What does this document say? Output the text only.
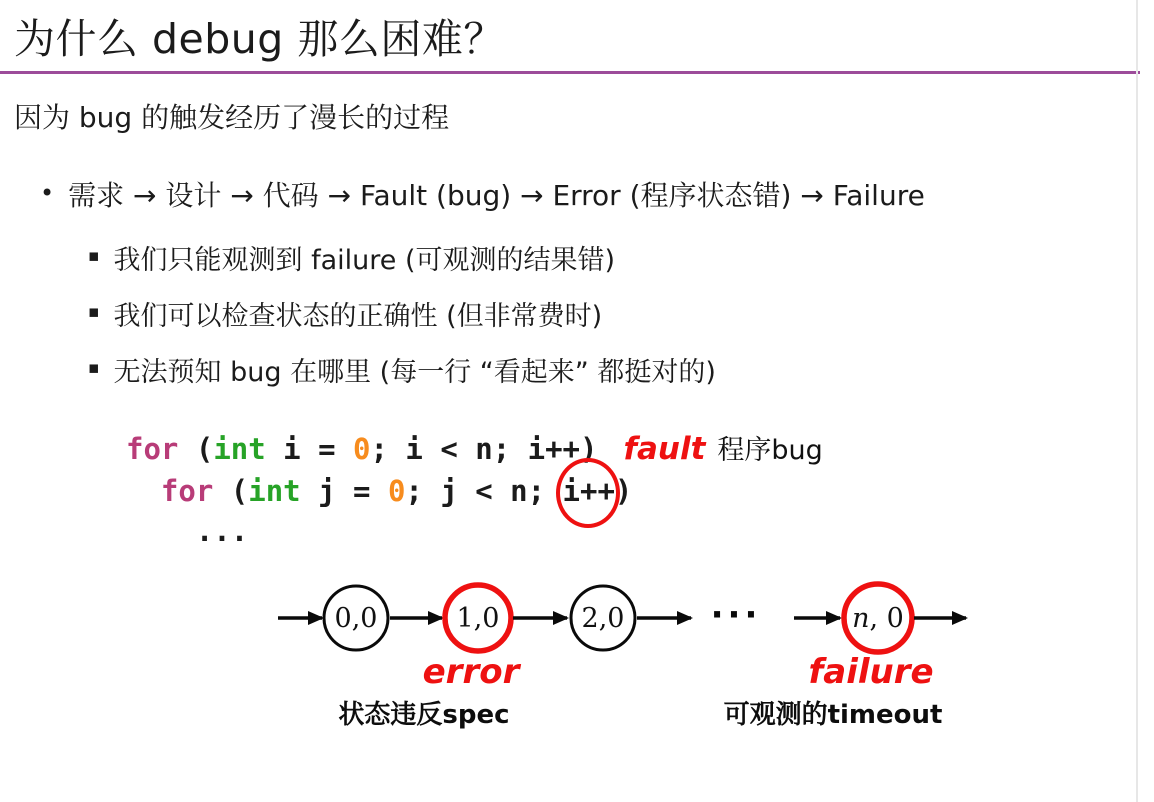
为什么 debug 那么困难？
因为 bug 的触发经历了漫长的过程
• 需求 → 设计 → 代码 → Fault (bug) → Error (程序状态错) → Failure
▪ 我们只能观测到 failure (可观测的结果错)
▪ 我们可以检查状态的正确性 (但非常费时)
▪ 无法预知 bug 在哪里 (每一行 “看起来” 都挺对的)
for (int i = 0; i < n; i++) fault 程序bug
for (int j = 0; j < n; i++)
...
0,0	1,0	2,0	···	n, 0
error	failure
状态违反spec	可观测的timeout
